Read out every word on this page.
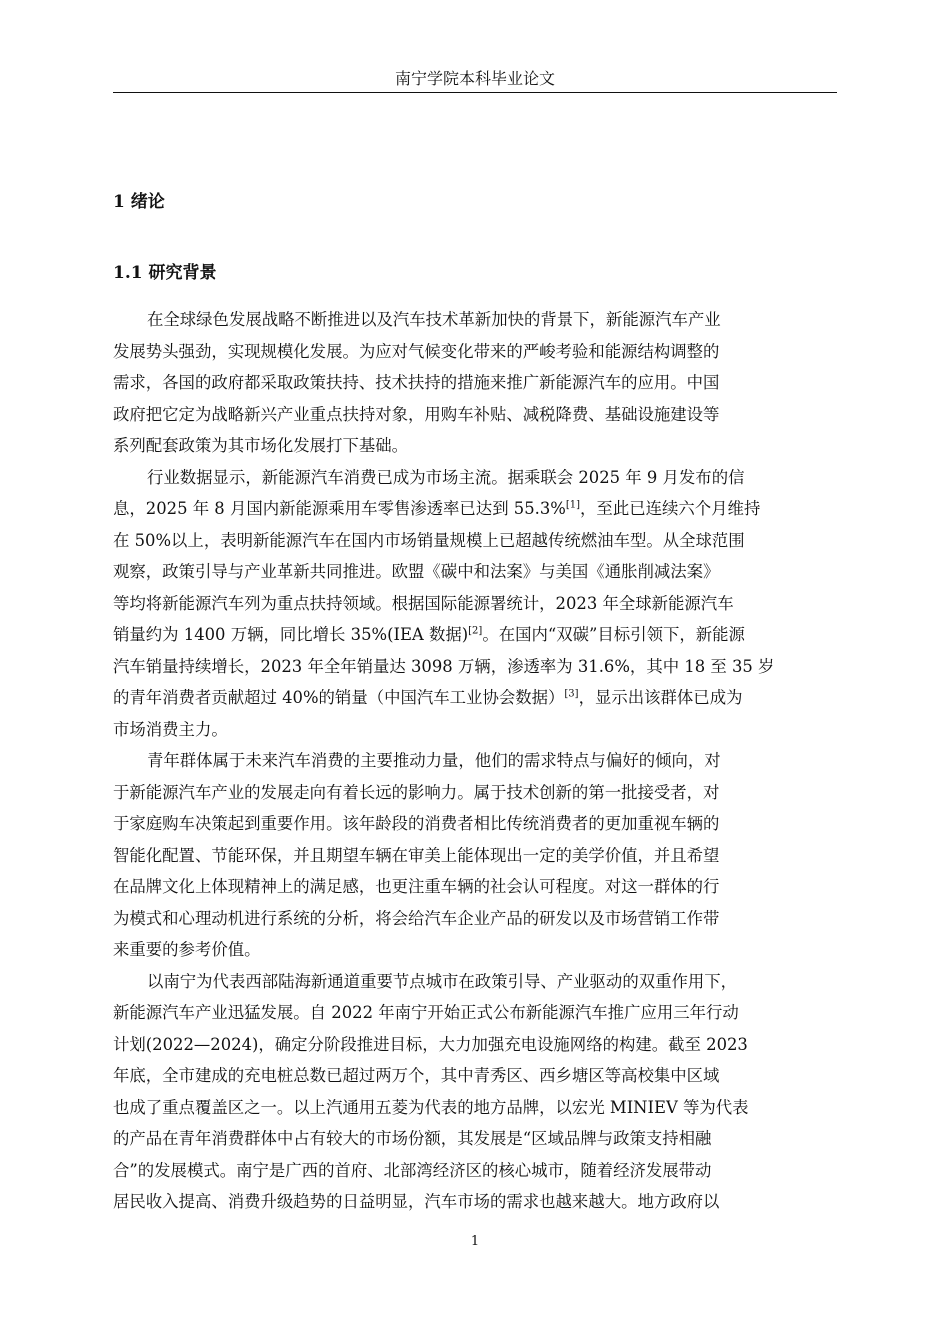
南宁学院本科毕业论文
1 绪论
1.1 研究背景

在全球绿色发展战略不断推进以及汽车技术革新加快的背景下，新能源汽车产业
发展势头强劲，实现规模化发展。为应对气候变化带来的严峻考验和能源结构调整的
需求，各国的政府都采取政策扶持、技术扶持的措施来推广新能源汽车的应用。中国
政府把它定为战略新兴产业重点扶持对象，用购车补贴、减税降费、基础设施建设等
系列配套政策为其市场化发展打下基础。

行业数据显示，新能源汽车消费已成为市场主流。据乘联会 2025 年 9 月发布的信
息，2025 年 8 月国内新能源乘用车零售渗透率已达到 55.3%[1]，至此已连续六个月维持
在 50%以上，表明新能源汽车在国内市场销量规模上已超越传统燃油车型。从全球范围
观察，政策引导与产业革新共同推进。欧盟《碳中和法案》与美国《通胀削减法案》
等均将新能源汽车列为重点扶持领域。根据国际能源署统计，2023 年全球新能源汽车
销量约为 1400 万辆，同比增长 35%(IEA 数据)[2]。在国内“双碳”目标引领下，新能源
汽车销量持续增长，2023 年全年销量达 3098 万辆，渗透率为 31.6%，其中 18 至 35 岁
的青年消费者贡献超过 40%的销量（中国汽车工业协会数据）[3]，显示出该群体已成为
市场消费主力。

青年群体属于未来汽车消费的主要推动力量，他们的需求特点与偏好的倾向，对
于新能源汽车产业的发展走向有着长远的影响力。属于技术创新的第一批接受者，对
于家庭购车决策起到重要作用。该年龄段的消费者相比传统消费者的更加重视车辆的
智能化配置、节能环保，并且期望车辆在审美上能体现出一定的美学价值，并且希望
在品牌文化上体现精神上的满足感，也更注重车辆的社会认可程度。对这一群体的行
为模式和心理动机进行系统的分析，将会给汽车企业产品的研发以及市场营销工作带
来重要的参考价值。

以南宁为代表西部陆海新通道重要节点城市在政策引导、产业驱动的双重作用下，
新能源汽车产业迅猛发展。自 2022 年南宁开始正式公布新能源汽车推广应用三年行动
计划(2022—2024)，确定分阶段推进目标，大力加强充电设施网络的构建。截至 2023
年底，全市建成的充电桩总数已超过两万个，其中青秀区、西乡塘区等高校集中区域
也成了重点覆盖区之一。以上汽通用五菱为代表的地方品牌，以宏光 MINIEV 等为代表
的产品在青年消费群体中占有较大的市场份额，其发展是“区域品牌与政策支持相融
合”的发展模式。南宁是广西的首府、北部湾经济区的核心城市，随着经济发展带动
居民收入提高、消费升级趋势的日益明显，汽车市场的需求也越来越大。地方政府以

1
